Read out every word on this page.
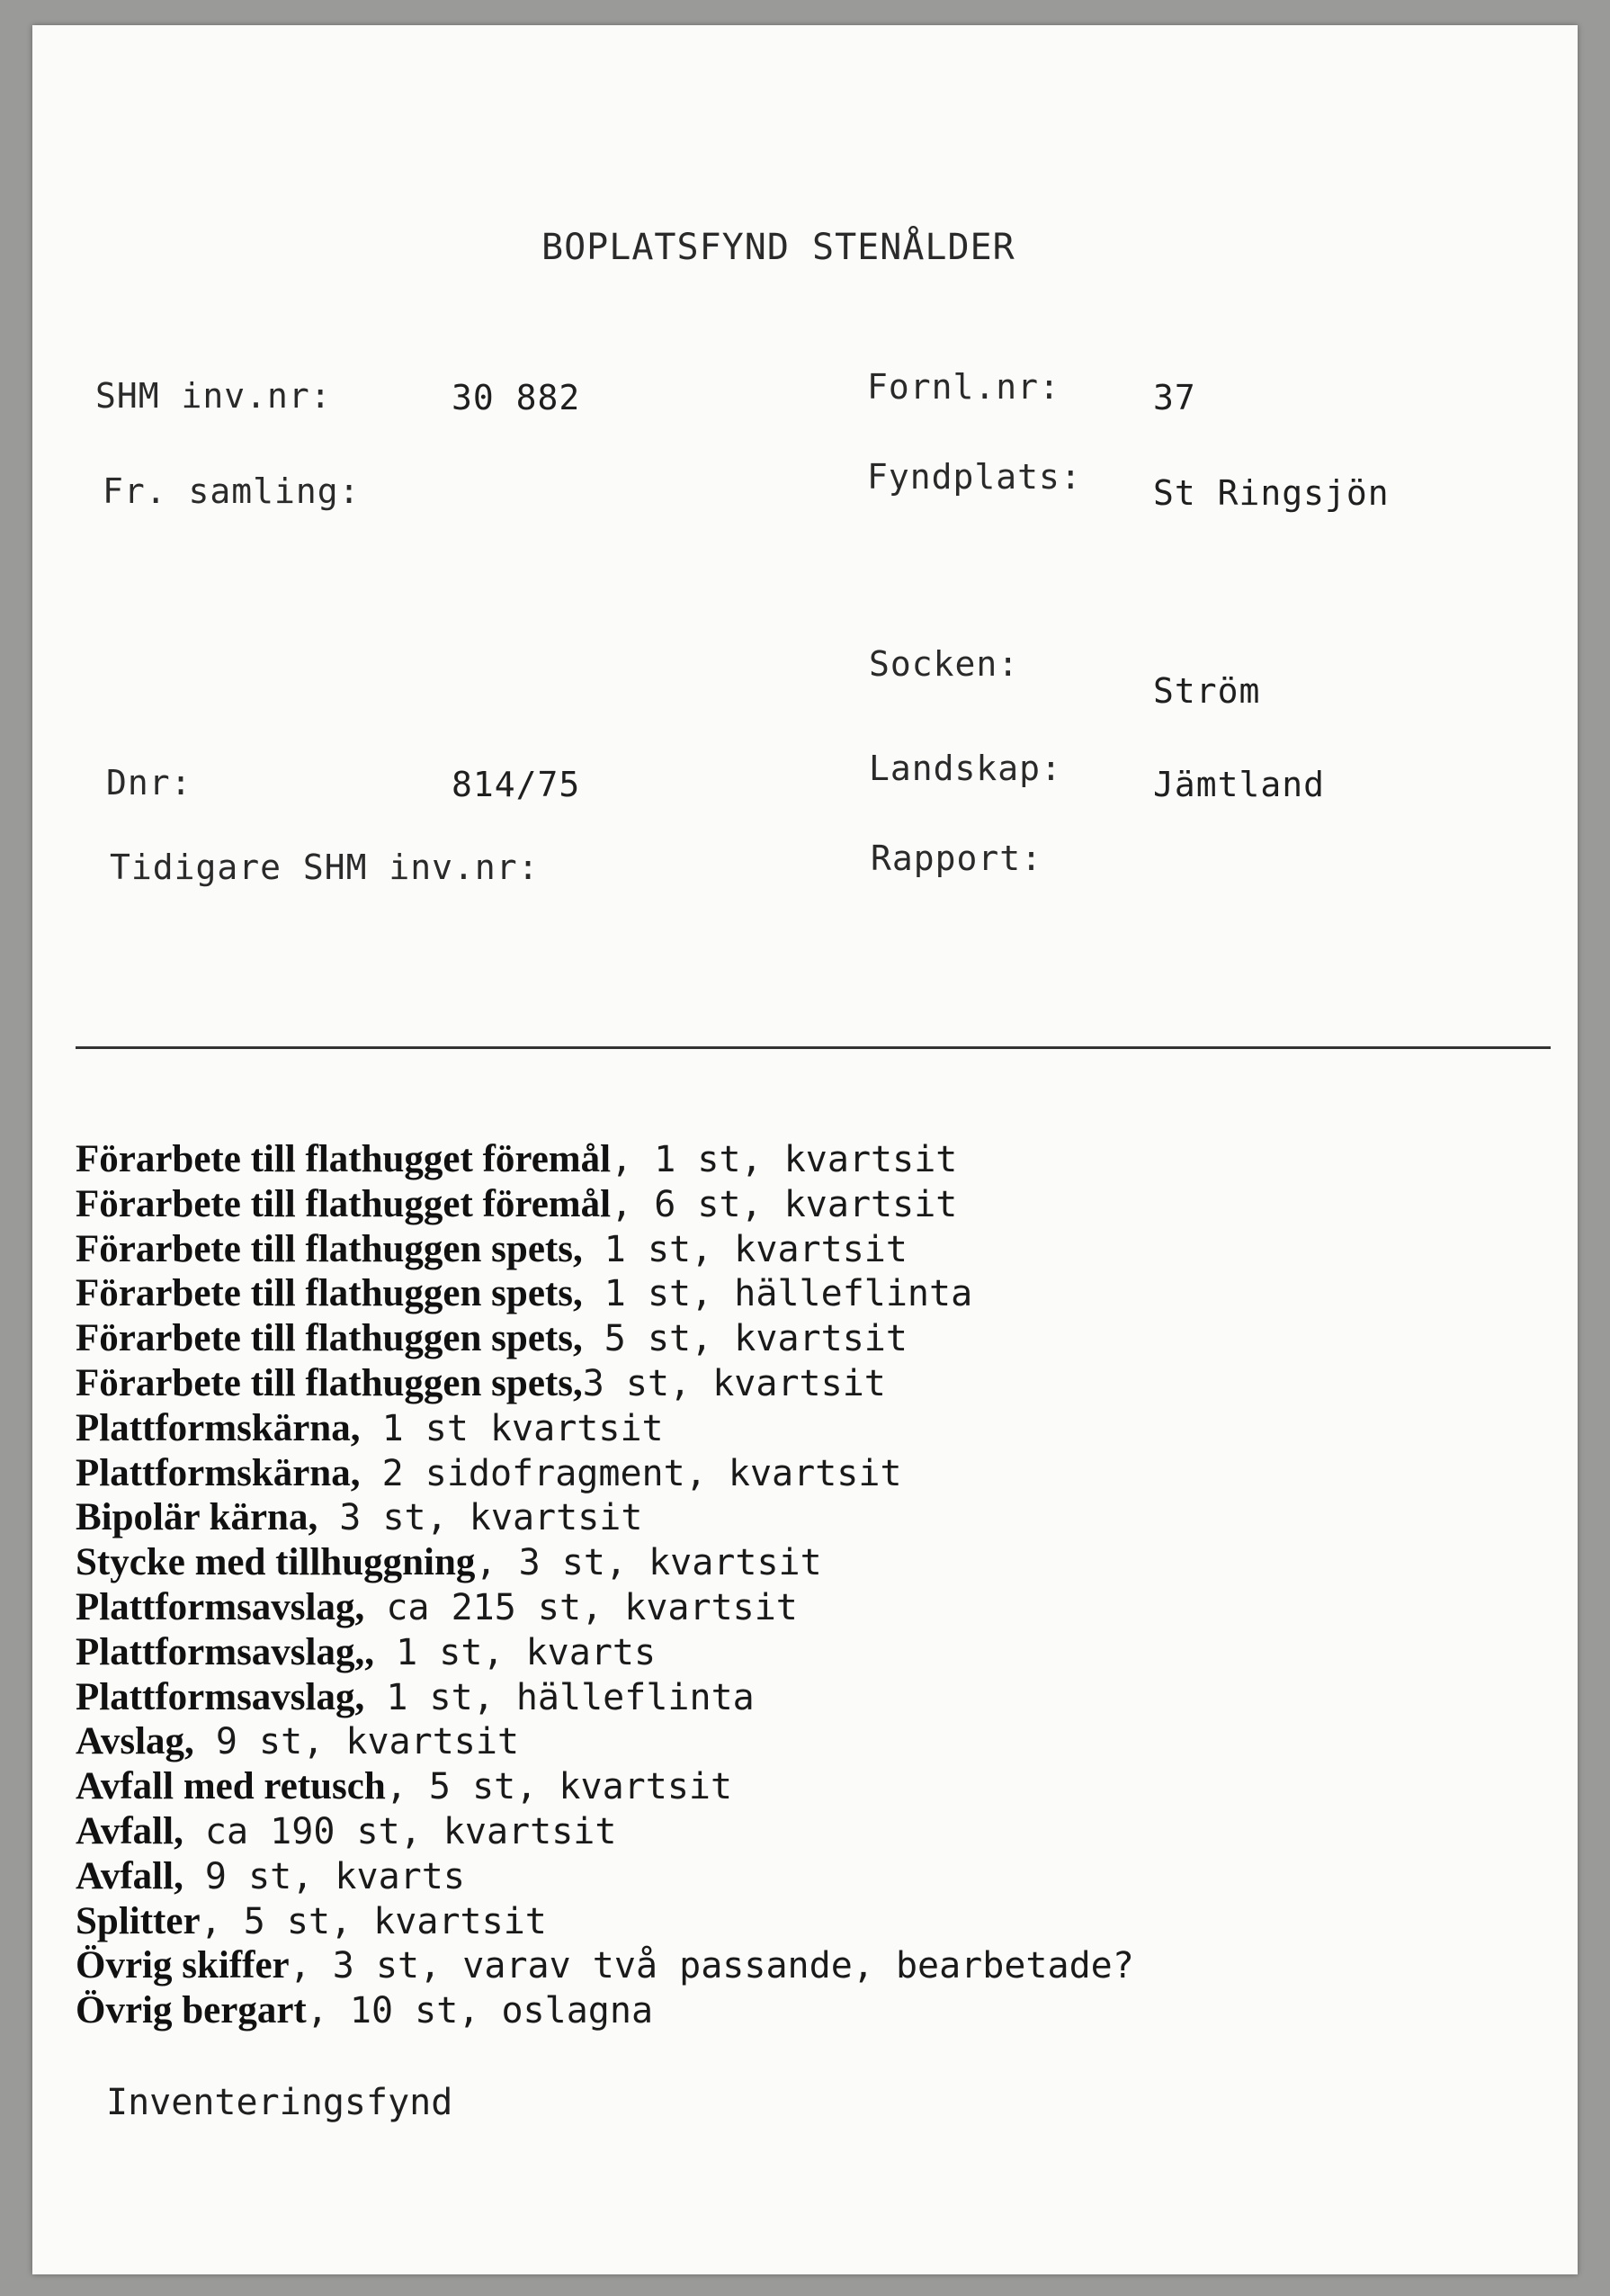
BOPLATSFYND STENÅLDER
SHM inv.nr:	30 882
Fr. samling:
Dnr:	814/75
Tidigare SHM inv.nr:
Fornl.nr:	37
Fyndplats: St Ringsjön
Socken:
Ström
Landskap:	Jämtland
Rapport:
Förarbete till flathugget föremål, 1 st, kvartsit
Förarbete till flathugget föremål, 6 st, kvartsit
Förarbete till flathuggen spets, 1 st, kvartsit
Förarbete till flathuggen spets, 1 st, hälleflinta
Förarbete till flathuggen spets, 5 st, kvartsit
Förarbete till flathuggen spets,3 st, kvartsit
Plattformskärna, 1 st kvartsit
Plattformskärna, 2 sidofragment, kvartsit
Bipolär kärna, 3 st, kvartsit
Stycke med tillhuggning, 3 st, kvartsit
Plattformsavslag, ca 215 st, kvartsit
Plattformsavslag,, 1 st, kvarts
Plattformsavslag, 1 st, hälleflinta
Avslag, 9 st, kvartsit
Avfall med retusch, 5 st, kvartsit
Avfall, ca 190 st, kvartsit
Avfall, 9 st, kvarts
Splitter, 5 st, kvartsit
Övrig skiffer, 3 st, varav två passande, bearbetade?
Övrig bergart, 10 st, oslagna
Inventeringsfynd
